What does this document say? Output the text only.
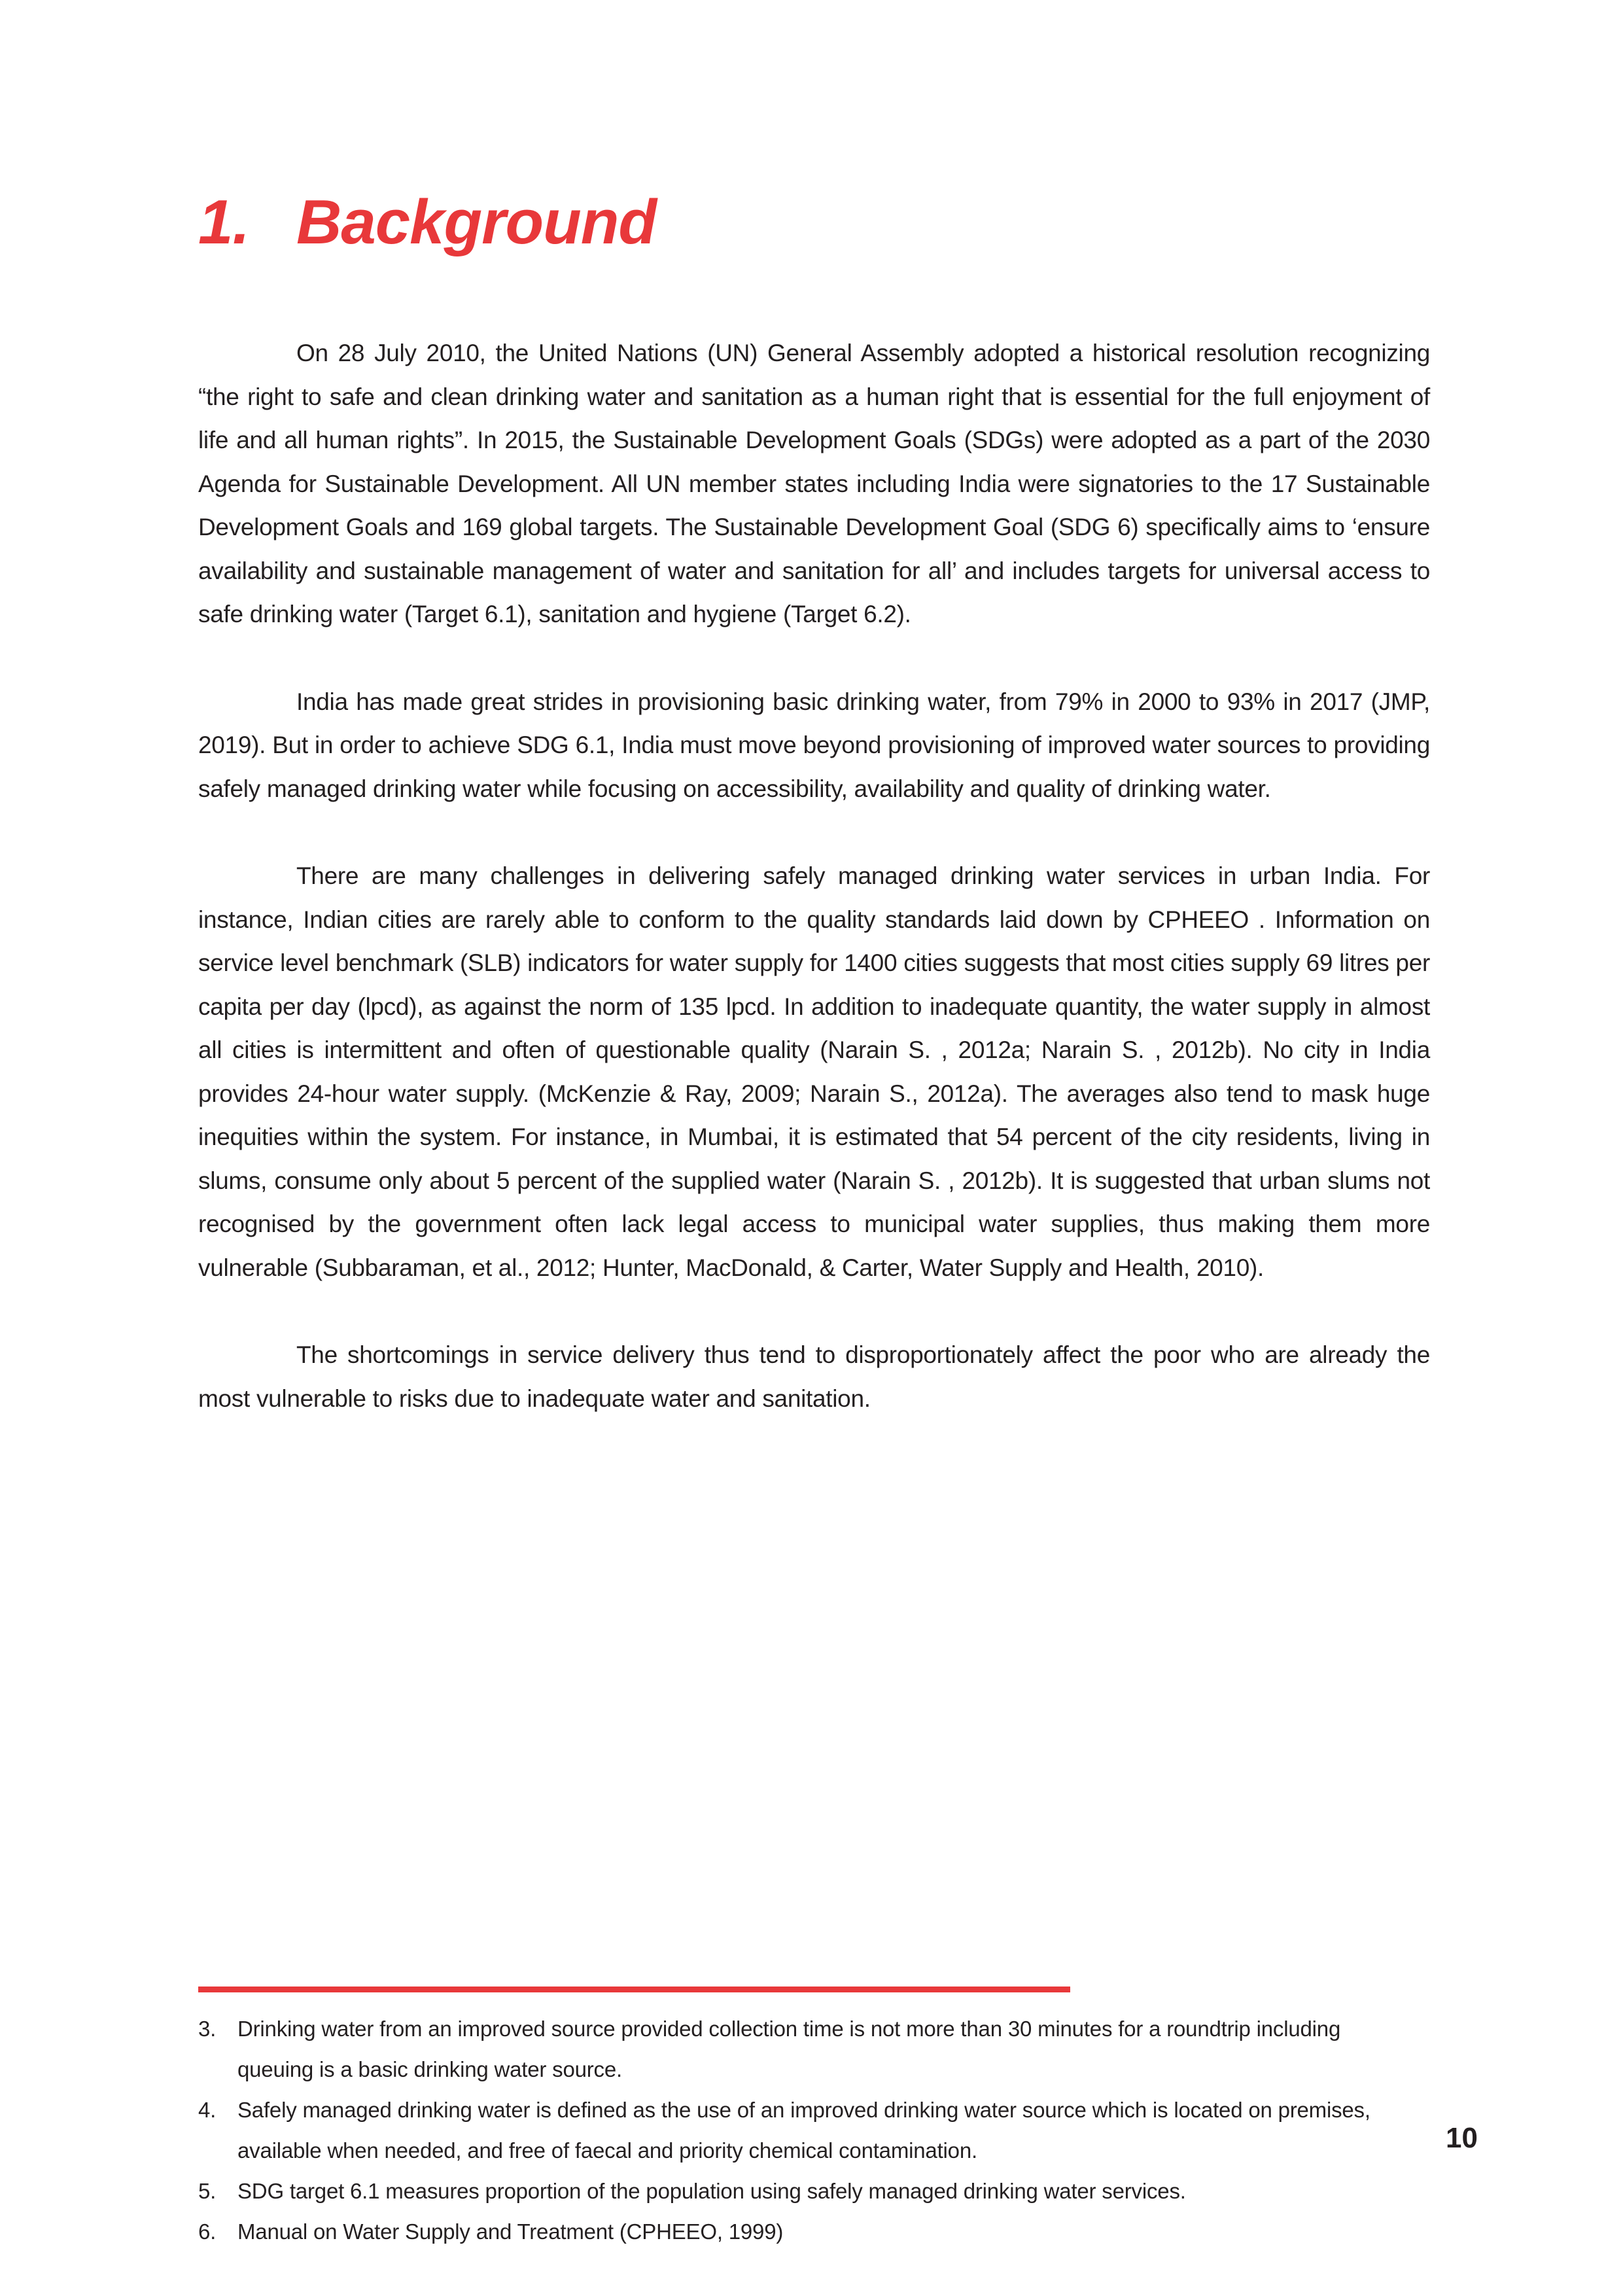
1. Background

On 28 July 2010, the United Nations (UN) General Assembly adopted a historical resolution recognizing “the right to safe and clean drinking water and sanitation as a human right that is essential for the full enjoyment of life and all human rights”. In 2015, the Sustainable Development Goals (SDGs) were adopted as a part of the 2030 Agenda for Sustainable Development. All UN member states including India were signatories to the 17 Sustainable Development Goals and 169 global targets. The Sustainable Development Goal (SDG 6) specifically aims to ‘ensure availability and sustainable management of water and sanitation for all’ and includes targets for universal access to safe drinking water (Target 6.1), sanitation and hygiene (Target 6.2).

India has made great strides in provisioning basic drinking water, from 79% in 2000 to 93% in 2017 (JMP, 2019). But in order to achieve SDG 6.1, India must move beyond provisioning of improved water sources to providing safely managed drinking water while focusing on accessibility, availability and quality of drinking water.

There are many challenges in delivering safely managed drinking water services in urban India. For instance, Indian cities are rarely able to conform to the quality standards laid down by CPHEEO . Information on service level benchmark (SLB) indicators for water supply for 1400 cities suggests that most cities supply 69 litres per capita per day (lpcd), as against the norm of 135 lpcd. In addition to inadequate quantity, the water supply in almost all cities is intermittent and often of questionable quality (Narain S. , 2012a; Narain S. , 2012b). No city in India provides 24-hour water supply. (McKenzie & Ray, 2009; Narain S., 2012a). The averages also tend to mask huge inequities within the system. For instance, in Mumbai, it is estimated that 54 percent of the city residents, living in slums, consume only about 5 percent of the supplied water (Narain S. , 2012b). It is suggested that urban slums not recognised by the government often lack legal access to municipal water supplies, thus making them more vulnerable (Subbaraman, et al., 2012; Hunter, MacDonald, & Carter, Water Supply and Health, 2010).

The shortcomings in service delivery thus tend to disproportionately affect the poor who are already the most vulnerable to risks due to inadequate water and sanitation.

3. Drinking water from an improved source provided collection time is not more than 30 minutes for a roundtrip including queuing is a basic drinking water source.
4. Safely managed drinking water is defined as the use of an improved drinking water source which is located on premises, available when needed, and free of faecal and priority chemical contamination.
5. SDG target 6.1 measures proportion of the population using safely managed drinking water services.
6. Manual on Water Supply and Treatment (CPHEEO, 1999)
10
